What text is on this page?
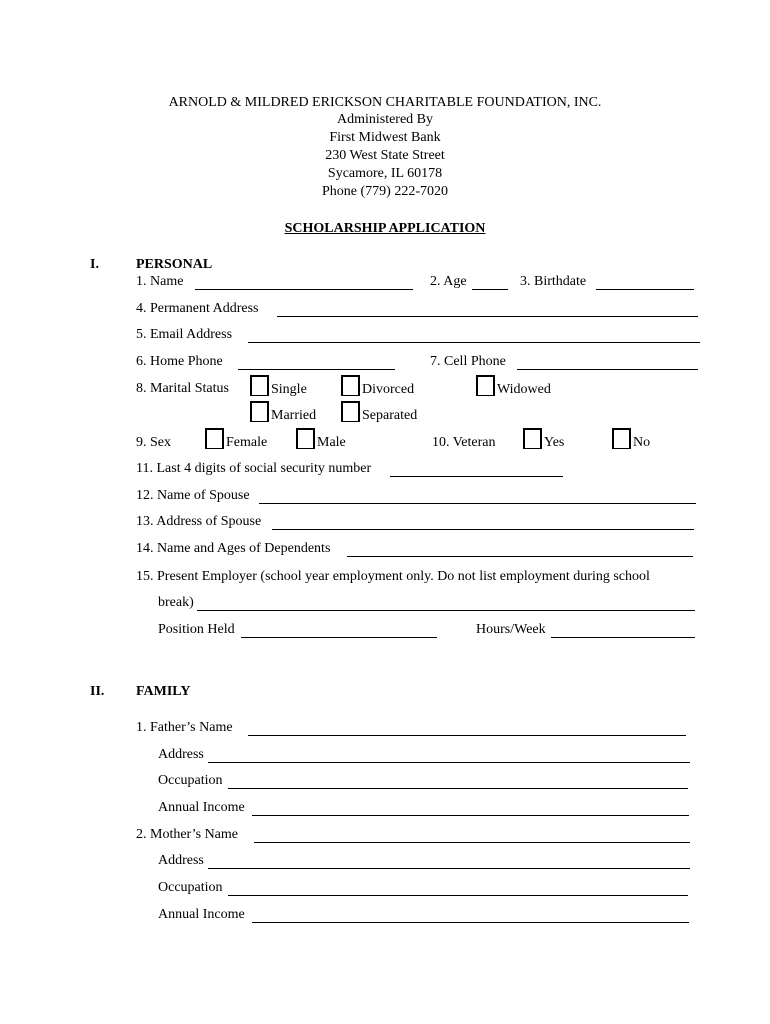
ARNOLD & MILDRED ERICKSON CHARITABLE FOUNDATION, INC.
Administered By
First Midwest Bank
230 West State Street
Sycamore, IL 60178
Phone (779) 222-7020
SCHOLARSHIP APPLICATION
I.	PERSONAL
1. Name	2. Age	3. Birthdate
4. Permanent Address
5. Email Address
6. Home Phone	7. Cell Phone
8. Marital Status	Single	Divorced	Widowed
Married	Separated
9. Sex	Female	Male	10. Veteran	Yes	No
11. Last 4 digits of social security number
12. Name of Spouse
13. Address of Spouse
14. Name and Ages of Dependents
15. Present Employer (school year employment only. Do not list employment during school
break)
Position Held	Hours/Week
II. FAMILY
1. Father’s Name
Address
Occupation
Annual Income
2. Mother’s Name
Address
Occupation
Annual Income
